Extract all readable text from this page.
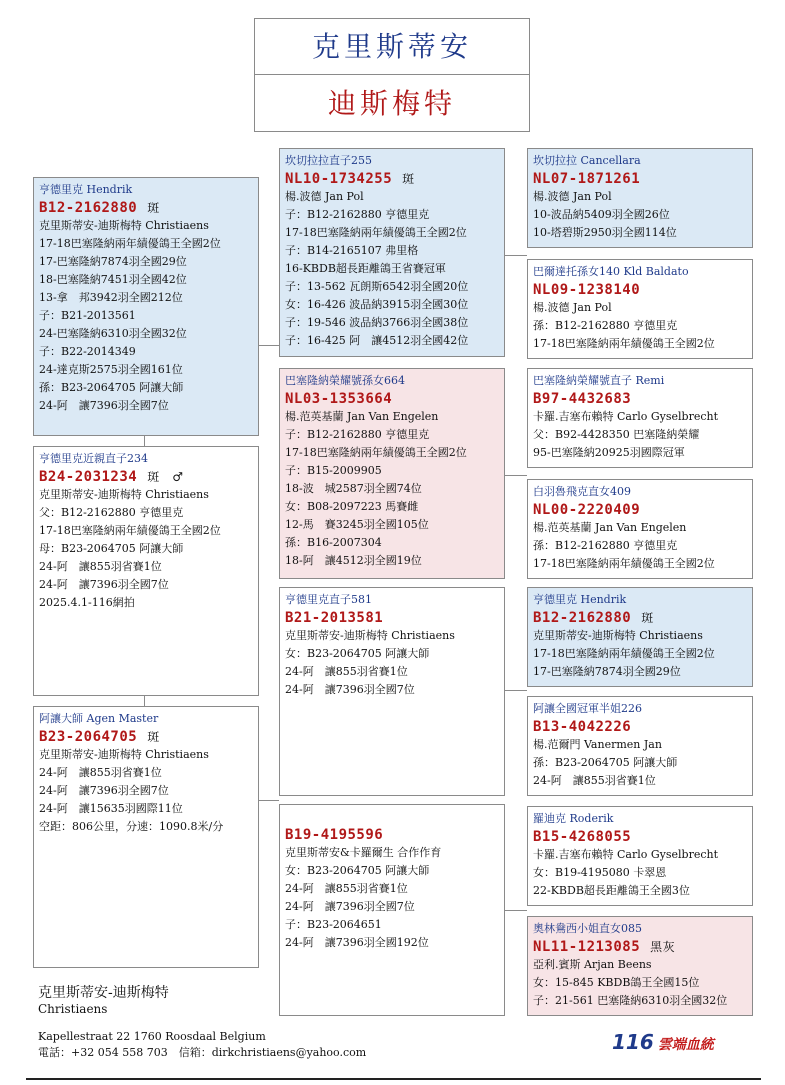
克里斯蒂安
迪斯梅特
亨德里克 Hendrik
B12-2162880 斑
克里斯蒂安-迪斯梅特 Christiaens
17-18巴塞隆納兩年績優鴿王全國2位
17-巴塞隆納7874羽全國29位
18-巴塞隆納7451羽全國42位
13-拿　邦3942羽全國212位
子：B21-2013561
24-巴塞隆納6310羽全國32位
子：B22-2014349
24-達克斯2575羽全國161位
孫：B23-2064705 阿讓大師
24-阿　讓7396羽全國7位
亨德里克近親直子234
B24-2031234 斑　♂
克里斯蒂安-迪斯梅特 Christiaens
父：B12-2162880 亨德里克
17-18巴塞隆納兩年績優鴿王全國2位
母：B23-2064705 阿讓大師
24-阿　讓855羽省賽1位
24-阿　讓7396羽全國7位
2025.4.1-116網拍
阿讓大師 Agen Master
B23-2064705 斑
克里斯蒂安-迪斯梅特 Christiaens
24-阿　讓855羽省賽1位
24-阿　讓7396羽全國7位
24-阿　讓15635羽國際11位
空距：806公里，分速：1090.8米/分
坎切拉拉直子255
NL10-1734255 斑
楊.波德 Jan Pol
子：B12-2162880 亨德里克
17-18巴塞隆納兩年績優鴿王全國2位
子：B14-2165107 弗里格
16-KBDB超長距離鴿王省賽冠軍
子：13-562 瓦朗斯6542羽全國20位
女：16-426 波品納3915羽全國30位
子：19-546 波品納3766羽全國38位
子：16-425 阿　讓4512羽全國42位
巴塞隆納榮耀號孫女664
NL03-1353664
楊.范英基蘭 Jan Van Engelen
子：B12-2162880 亨德里克
17-18巴塞隆納兩年績優鴿王全國2位
子：B15-2009905
18-波　城2587羽全國74位
女：B08-2097223 馬賽雌
12-馬　賽3245羽全國105位
孫：B16-2007304
18-阿　讓4512羽全國19位
亨德里克直子581
B21-2013581
克里斯蒂安-迪斯梅特 Christiaens
女：B23-2064705 阿讓大師
24-阿　讓855羽省賽1位
24-阿　讓7396羽全國7位
B19-4195596
克里斯蒂安&卡羅爾生 合作作育
女：B23-2064705 阿讓大師
24-阿　讓855羽省賽1位
24-阿　讓7396羽全國7位
子：B23-2064651
24-阿　讓7396羽全國192位
坎切拉拉 Cancellara
NL07-1871261
楊.波德 Jan Pol
10-波品納5409羽全國26位
10-塔碧斯2950羽全國114位
巴爾達托孫女140 Kld Baldato
NL09-1238140
楊.波德 Jan Pol
孫：B12-2162880 亨德里克
17-18巴塞隆納兩年績優鴿王全國2位
巴塞隆納榮耀號直子 Remi
B97-4432683
卡羅.吉塞布賴特 Carlo Gyselbrecht
父：B92-4428350 巴塞隆納榮耀
95-巴塞隆納20925羽國際冠軍
白羽魯飛克直女409
NL00-2220409
楊.范英基蘭 Jan Van Engelen
孫：B12-2162880 亨德里克
17-18巴塞隆納兩年績優鴿王全國2位
亨德里克 Hendrik
B12-2162880 斑
克里斯蒂安-迪斯梅特 Christiaens
17-18巴塞隆納兩年績優鴿王全國2位
17-巴塞隆納7874羽全國29位
阿讓全國冠軍半姐226
B13-4042226
楊.范爾門 Vanermen Jan
孫：B23-2064705 阿讓大師
24-阿　讓855羽省賽1位
羅迪克 Roderik
B15-4268055
卡羅.吉塞布賴特 Carlo Gyselbrecht
女：B19-4195080 卡翠恩
22-KBDB超長距離鴿王全國3位
奧林鴦西小姐直女085
NL11-1213085 黑灰
亞利.賓斯 Arjan Beens
女：15-845 KBDB鴿王全國15位
子：21-561 巴塞隆納6310羽全國32位
克里斯蒂安-迪斯梅特
Christiaens
Kapellestraat 22 1760 Roosdaal Belgium
電話：+32 054 558 703　信箱：dirkchristiaens@yahoo.com	116 雲端血統
